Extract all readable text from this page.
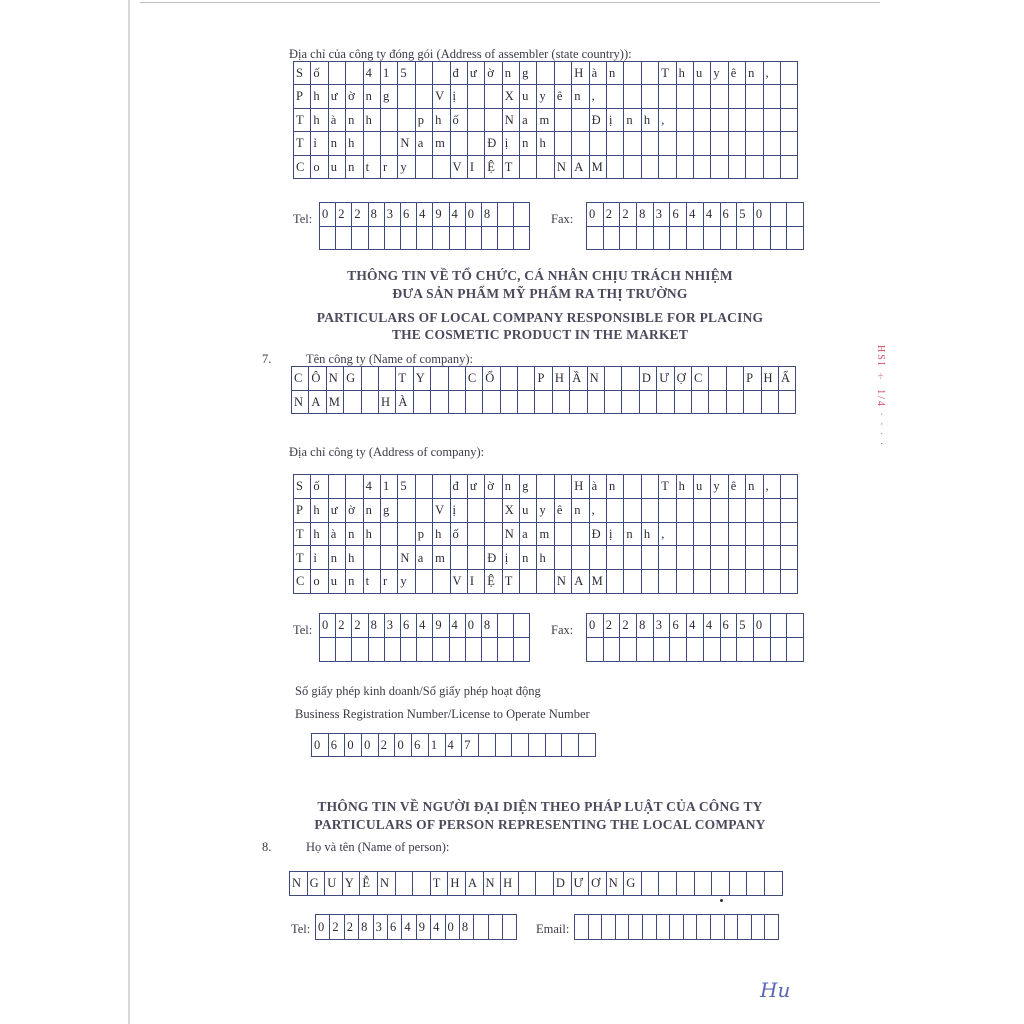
Địa chỉ của công ty đóng gói (Address of assembler (state country)):
S ố	4 1 5	đ ư ờ n g	H à n	T h u y ê n ,
P h ư ờ n g	V ị	X u y ê n ,
T h à n h	p h ố	N a m	Đ ị	n h ,
T ỉ	n h	N a m	Đ ị	n h
C o u n t	r	y	V I	Ệ T	N A M
Tel: 0 2 2 8 3 6 4 9 4 0 8	Fax: 0 2 2 8 3 6 4 4 6 5 0
THÔNG TIN VỀ TỔ CHỨC, CÁ NHÂN CHỊU TRÁCH NHIỆM
ĐƯA SẢN PHẨM MỸ PHẨM RA THỊ TRƯỜNG
PARTICULARS OF LOCAL COMPANY RESPONSIBLE FOR PLACING
THE COSMETIC PRODUCT IN THE MARKET
7.	Tên công ty (Name of company):
C Ô N G	T Y	C Ổ	P H Ầ N	D Ư Ợ C	P H Ẩ
N A M	H À
Địa chỉ công ty (Address of company):
S ố	4 1 5	đ ư ờ n g	H à n	T h u y ê n ,
P h ư ờ n g	V ị	X u y ê n ,
T h à n h	p h ố	N a m	Đ ị	n h ,
T ỉ	n h	N a m	Đ ị	n h
C o u n t	r	y	V I	Ệ T	N A M
Tel: 0 2 2 8 3 6 4 9 4 0 8	Fax: 0 2 2 8 3 6 4 4 6 5 0
Số giấy phép kinh doanh/Số giấy phép hoạt động
Business Registration Number/License to Operate Number
0 6 0 0 2 0 6 1 4 7
THÔNG TIN VỀ NGƯỜI ĐẠI DIỆN THEO PHÁP LUẬT CỦA CÔNG TY
PARTICULARS OF PERSON REPRESENTING THE LOCAL COMPANY
8.	Họ và tên (Name of person):
N G U Y Ễ N	T H A N H	D Ư Ơ N G
Tel: 0 2 2 8 3 6 4 9 4 0 8	Email:
HSI ÷ 1/4 · · · ·
Hu
